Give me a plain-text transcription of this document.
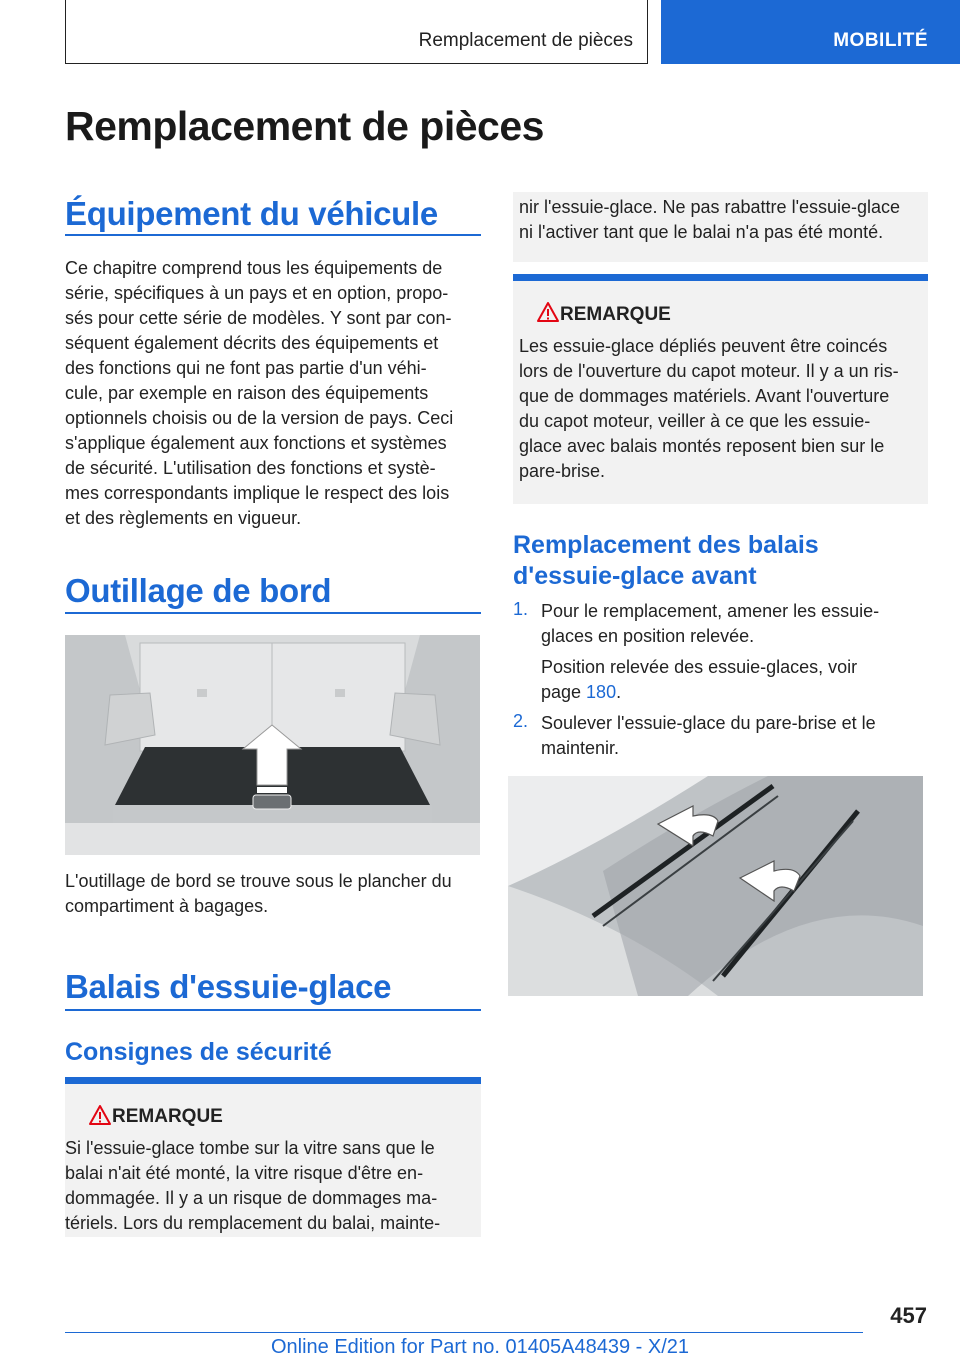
Remplacement de pièces	MOBILITÉ
Remplacement de pièces
Équipement du véhicule
Ce chapitre comprend tous les équipements de
série, spécifiques à un pays et en option, propo-
sés pour cette série de modèles. Y sont par con-
séquent également décrits des équipements et
des fonctions qui ne font pas partie d'un véhi-
cule, par exemple en raison des équipements
optionnels choisis ou de la version de pays. Ceci
s'applique également aux fonctions et systèmes
de sécurité. L'utilisation des fonctions et systè-
mes correspondants implique le respect des lois
et des règlements en vigueur.
Outillage de bord
L'outillage de bord se trouve sous le plancher du
compartiment à bagages.
Balais d'essuie-glace
Consignes de sécurité
REMARQUE
Si l'essuie-glace tombe sur la vitre sans que le
balai n'ait été monté, la vitre risque d'être en-
dommagée. Il y a un risque de dommages ma-
tériels. Lors du remplacement du balai, mainte-
nir l'essuie-glace. Ne pas rabattre l'essuie-glace
ni l'activer tant que le balai n'a pas été monté.
REMARQUE
Les essuie-glace dépliés peuvent être coincés
lors de l'ouverture du capot moteur. Il y a un ris-
que de dommages matériels. Avant l'ouverture
du capot moteur, veiller à ce que les essuie-
glace avec balais montés reposent bien sur le
pare-brise.
Remplacement des balais
d'essuie-glace avant
1. Pour le remplacement, amener les essuie-
glaces en position relevée.
Position relevée des essuie-glaces, voir
page 180.
2. Soulever l'essuie-glace du pare-brise et le
maintenir.
457
Online Edition for Part no. 01405A48439 - X/21
